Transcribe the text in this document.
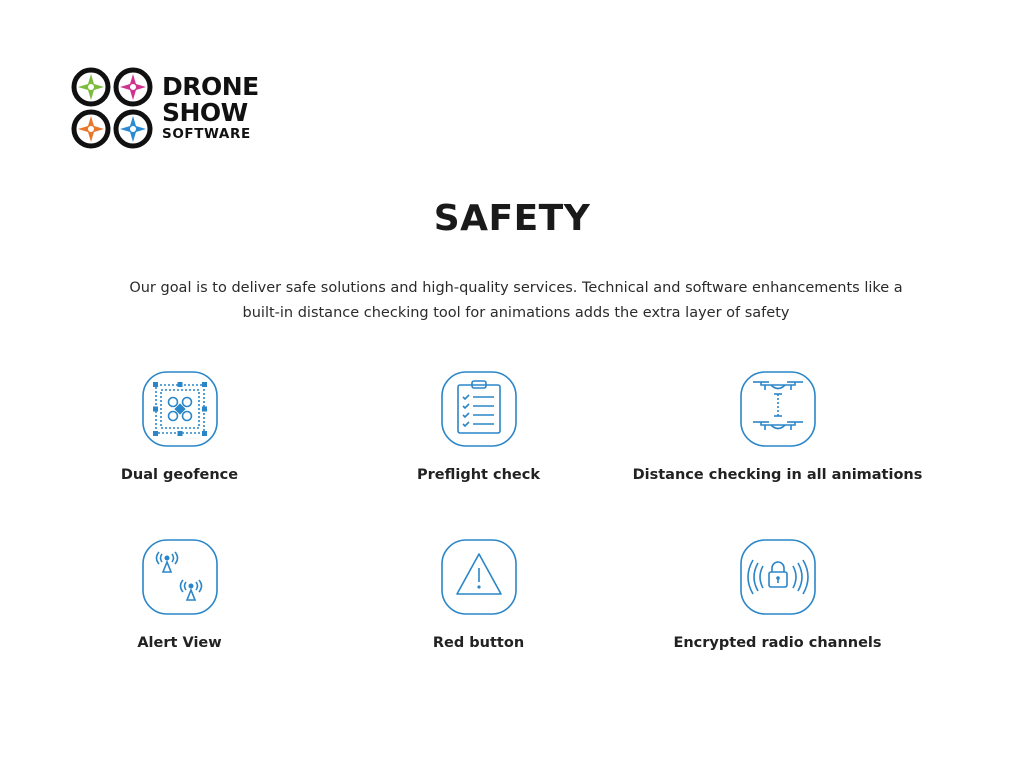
DRONE
SHOW
SOFTWARE
SAFETY

Our goal is to deliver safe solutions and high-quality services. Technical and software enhancements like a built-in distance checking tool for animations adds the extra layer of safety

Dual geofence	Preflight check	Distance checking in all animations
Alert View	Red button	Encrypted radio channels
